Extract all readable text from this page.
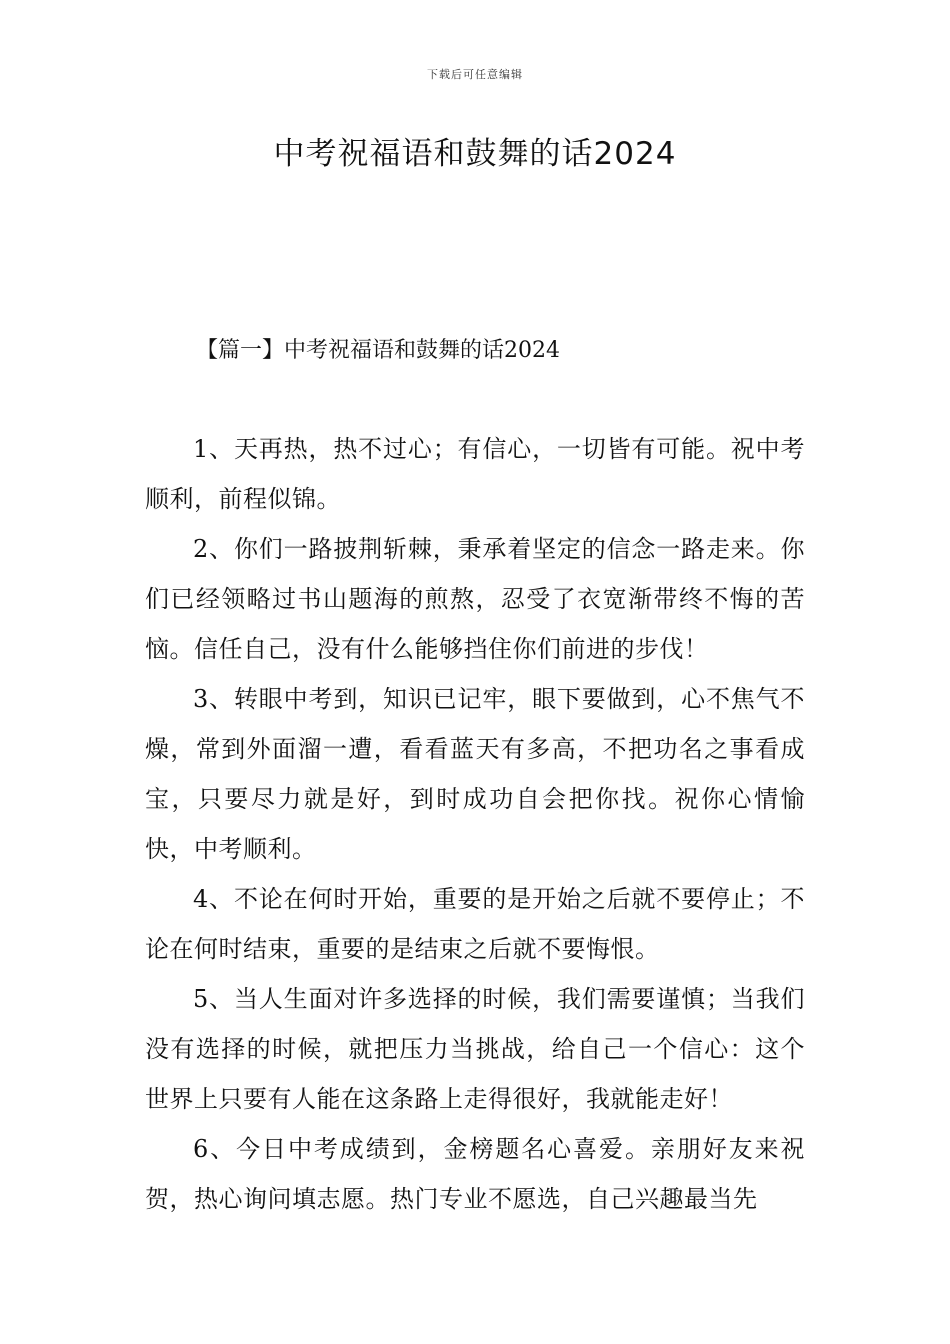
下载后可任意编辑
中考祝福语和鼓舞的话2024
【篇一】中考祝福语和鼓舞的话2024

1、天再热，热不过心；有信心，一切皆有可能。祝中考顺利，前程似锦。

2、你们一路披荆斩棘，秉承着坚定的信念一路走来。你们已经领略过书山题海的煎熬，忍受了衣宽渐带终不悔的苦恼。信任自己，没有什么能够挡住你们前进的步伐！

3、转眼中考到，知识已记牢，眼下要做到，心不焦气不燥，常到外面溜一遭，看看蓝天有多高，不把功名之事看成宝，只要尽力就是好，到时成功自会把你找。祝你心情愉快，中考顺利。

4、不论在何时开始，重要的是开始之后就不要停止；不论在何时结束，重要的是结束之后就不要悔恨。

5、当人生面对许多选择的时候，我们需要谨慎；当我们没有选择的时候，就把压力当挑战，给自己一个信心：这个世界上只要有人能在这条路上走得很好，我就能走好！

6、今日中考成绩到，金榜题名心喜爱。亲朋好友来祝贺，热心询问填志愿。热门专业不愿选，自己兴趣最当先
